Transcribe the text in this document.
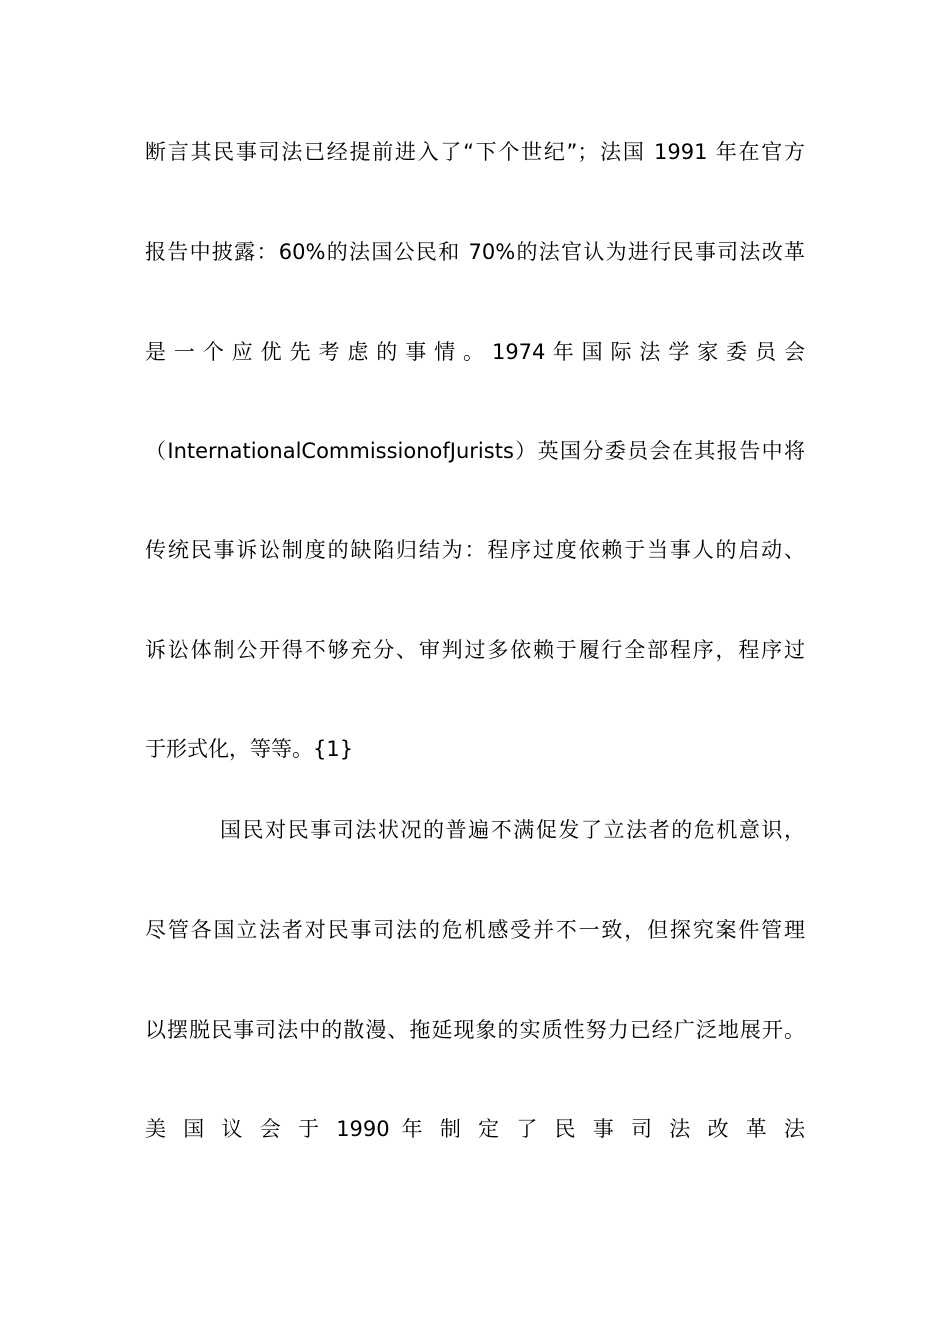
断言其民事司法已经提前进入了“下个世纪”；法国 1991 年在官方
报告中披露：60%的法国公民和 70%的法官认为进行民事司法改革
是 一 个 应 优 先 考 虑 的 事 情 。 1974 年 国 际 法 学 家 委 员 会
（InternationalCommissionofJurists）英国分委员会在其报告中将
传统民事诉讼制度的缺陷归结为：程序过度依赖于当事人的启动、
诉讼体制公开得不够充分、审判过多依赖于履行全部程序，程序过
于形式化，等等。{1}
国民对民事司法状况的普遍不满促发了立法者的危机意识，
尽管各国立法者对民事司法的危机感受并不一致，但探究案件管理
以摆脱民事司法中的散漫、拖延现象的实质性努力已经广泛地展开。
美 国 议 会 于 1990 年 制 定 了 民 事 司 法 改 革 法
